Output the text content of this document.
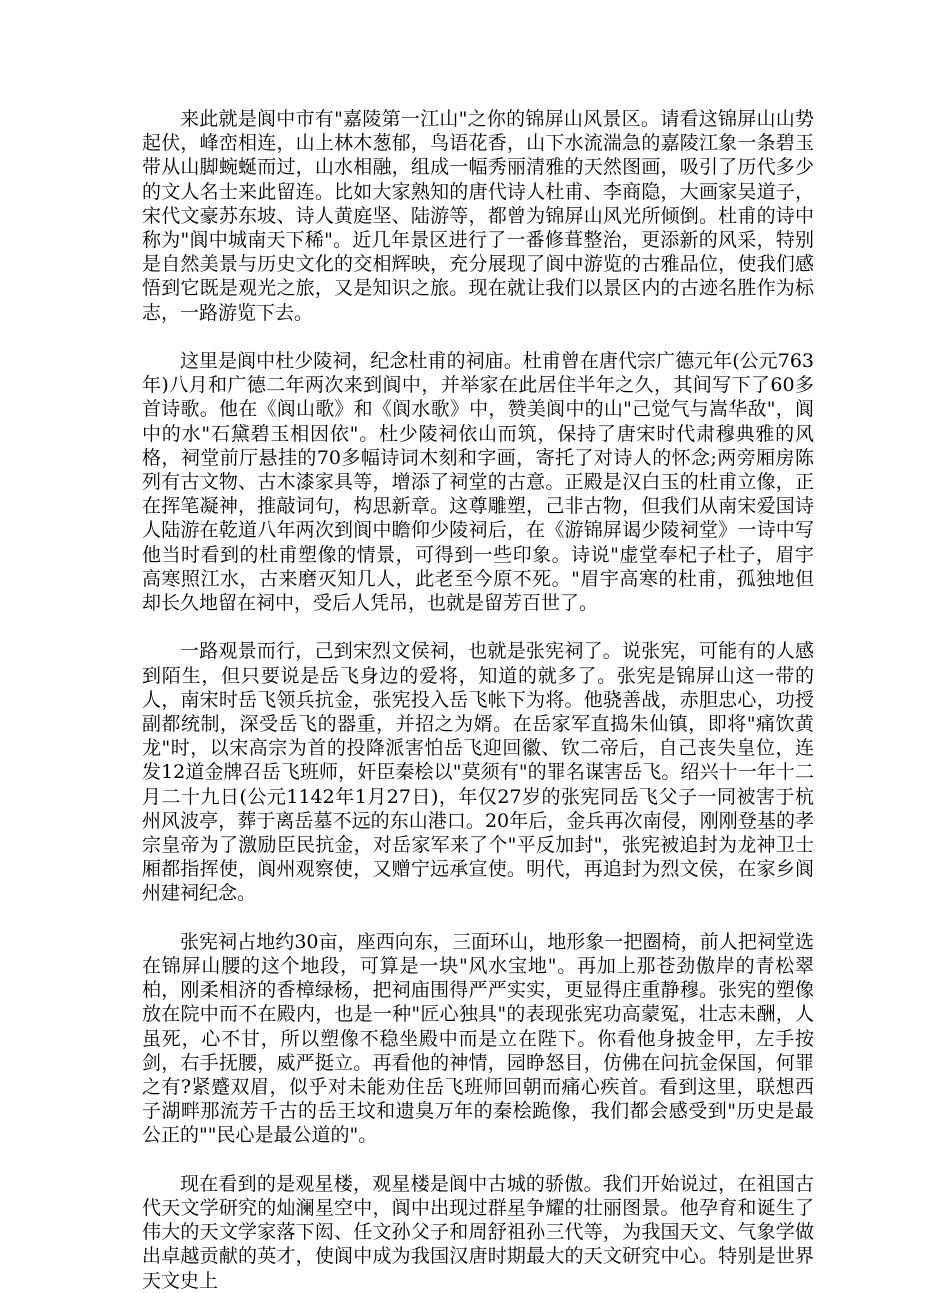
来此就是阆中市有"嘉陵第一江山"之你的锦屏山风景区。请看这锦屏山山势起伏，峰峦相连，山上林木葱郁，鸟语花香，山下水流湍急的嘉陵江象一条碧玉带从山脚蜿蜒而过，山水相融，组成一幅秀丽清雅的天然图画，吸引了历代多少的文人名士来此留连。比如大家熟知的唐代诗人杜甫、李商隐，大画家吴道子，宋代文豪苏东坡、诗人黄庭坚、陆游等，都曾为锦屏山风光所倾倒。杜甫的诗中称为"阆中城南天下稀"。近几年景区进行了一番修葺整治，更添新的风采，特别是自然美景与历史文化的交相辉映，充分展现了阆中游览的古雅品位，使我们感悟到它既是观光之旅，又是知识之旅。现在就让我们以景区内的古迹名胜作为标志，一路游览下去。

这里是阆中杜少陵祠，纪念杜甫的祠庙。杜甫曾在唐代宗广德元年(公元763年)八月和广德二年两次来到阆中，并举家在此居住半年之久，其间写下了60多首诗歌。他在《阆山歌》和《阆水歌》中，赞美阆中的山"己觉气与嵩华敌"，阆中的水"石黛碧玉相因依"。杜少陵祠依山而筑，保持了唐宋时代肃穆典雅的风格，祠堂前厅悬挂的70多幅诗词木刻和字画，寄托了对诗人的怀念;两旁厢房陈列有古文物、古木漆家具等，增添了祠堂的古意。正殿是汉白玉的杜甫立像，正在挥笔凝神，推敲词句，构思新章。这尊雕塑，己非古物，但我们从南宋爱国诗人陆游在乾道八年两次到阆中瞻仰少陵祠后，在《游锦屏谒少陵祠堂》一诗中写他当时看到的杜甫塑像的情景，可得到一些印象。诗说"虚堂奉杞子杜子，眉宇高寒照江水，古来磨灭知几人，此老至今原不死。"眉宇高寒的杜甫，孤独地但却长久地留在祠中，受后人凭吊，也就是留芳百世了。

一路观景而行，己到宋烈文侯祠，也就是张宪祠了。说张宪，可能有的人感到陌生，但只要说是岳飞身边的爱将，知道的就多了。张宪是锦屏山这一带的人，南宋时岳飞领兵抗金，张宪投入岳飞帐下为将。他骁善战，赤胆忠心，功授副都统制，深受岳飞的器重，并招之为婿。在岳家军直捣朱仙镇，即将"痛饮黄龙"时，以宋高宗为首的投降派害怕岳飞迎回徽、钦二帝后，自己丧失皇位，连发12道金牌召岳飞班师，奸臣秦桧以"莫须有"的罪名谋害岳飞。绍兴十一年十二月二十九日(公元1142年1月27日)，年仅27岁的张宪同岳飞父子一同被害于杭州风波亭，葬于离岳墓不远的东山港口。20年后，金兵再次南侵，刚刚登基的孝宗皇帝为了激励臣民抗金，对岳家军来了个"平反加封"，张宪被追封为龙神卫士厢都指挥使，阆州观察使，又赠宁远承宣使。明代，再追封为烈文侯，在家乡阆州建祠纪念。

张宪祠占地约30亩，座西向东，三面环山，地形象一把圈椅，前人把祠堂选在锦屏山腰的这个地段，可算是一块"风水宝地"。再加上那苍劲傲岸的青松翠柏，刚柔相济的香樟绿杨，把祠庙围得严严实实，更显得庄重静穆。张宪的塑像放在院中而不在殿内，也是一种"匠心独具"的表现张宪功高蒙冤，壮志未酬，人虽死，心不甘，所以塑像不稳坐殿中而是立在陛下。你看他身披金甲，左手按剑，右手抚腰，威严挺立。再看他的神情，园睁怒目，仿佛在问抗金保国，何罪之有?紧蹙双眉，似乎对未能劝住岳飞班师回朝而痛心疾首。看到这里，联想西子湖畔那流芳千古的岳王坟和遗臭万年的秦桧跪像，我们都会感受到"历史是最公正的""民心是最公道的"。

现在看到的是观星楼，观星楼是阆中古城的骄傲。我们开始说过，在祖国古代天文学研究的灿澜星空中，阆中出现过群星争耀的壮丽图景。他孕育和诞生了伟大的天文学家落下闳、任文孙父子和周舒祖孙三代等，为我国天文、气象学做出卓越贡献的英才，使阆中成为我国汉唐时期最大的天文研究中心。特别是世界天文史上
